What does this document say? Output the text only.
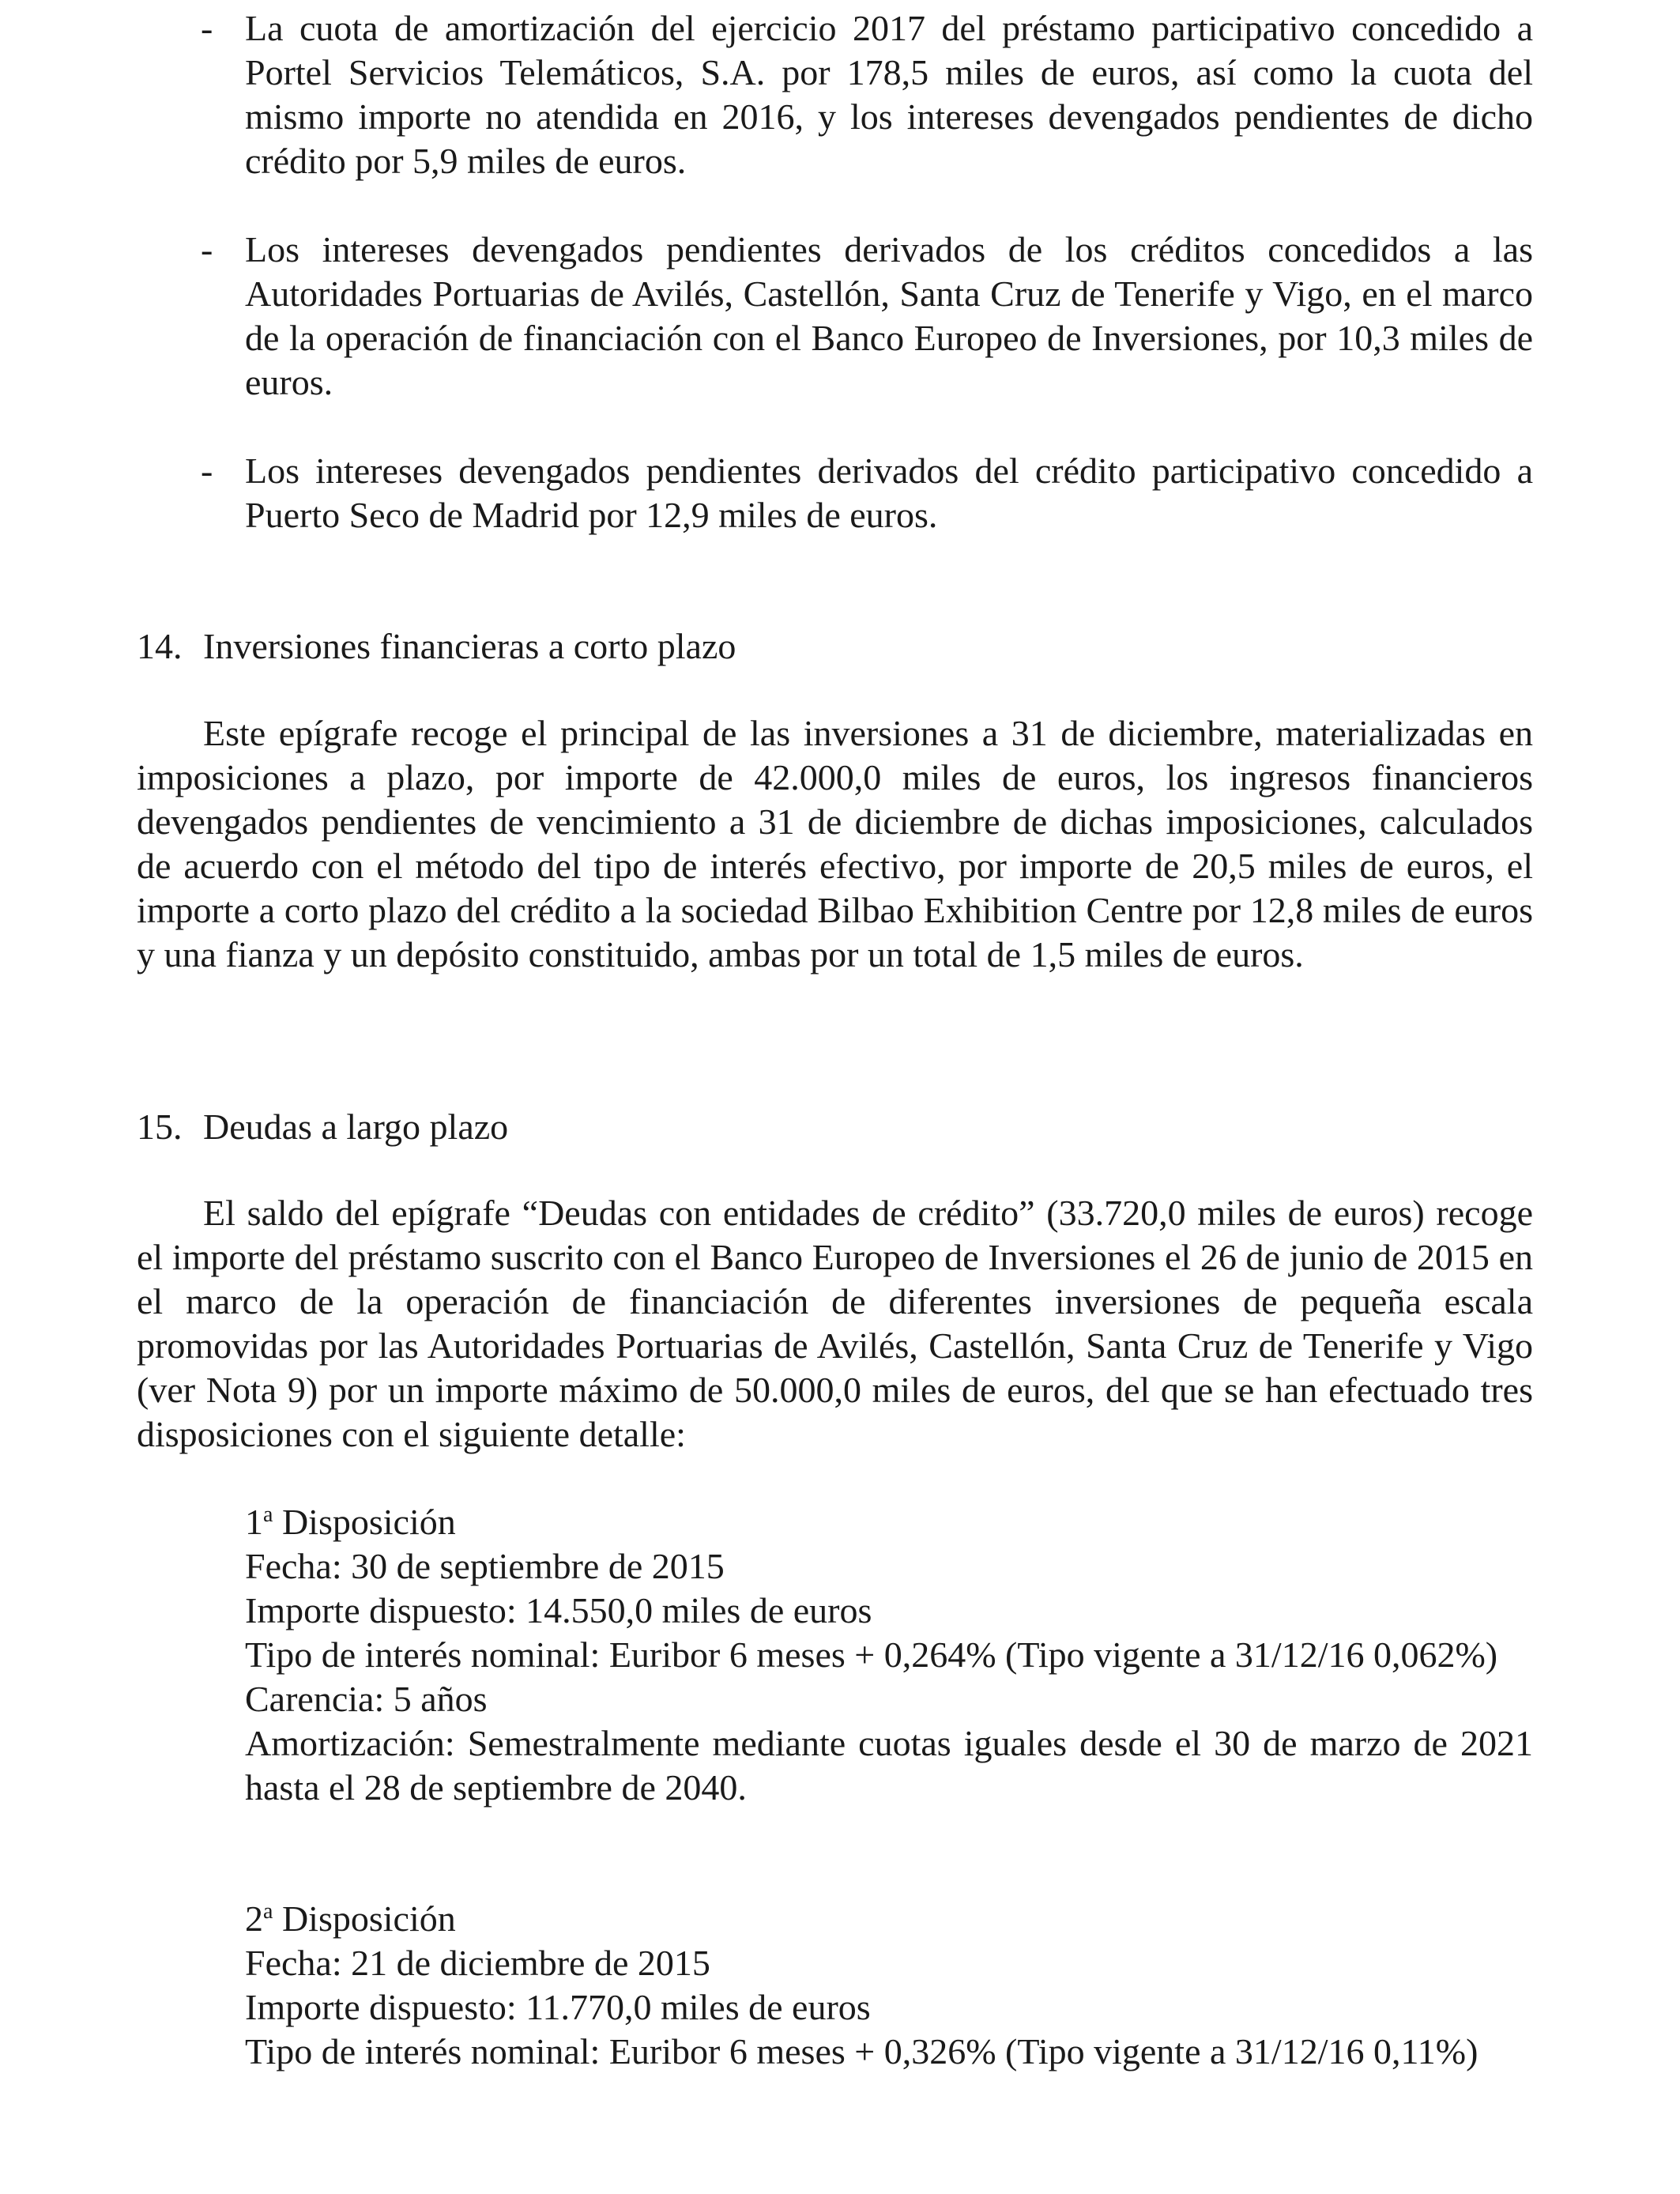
- La cuota de amortización del ejercicio 2017 del préstamo participativo concedido a Portel Servicios Telemáticos, S.A. por 178,5 miles de euros, así como la cuota del mismo importe no atendida en 2016, y los intereses devengados pendientes de dicho crédito por 5,9 miles de euros.
- Los intereses devengados pendientes derivados de los créditos concedidos a las Autoridades Portuarias de Avilés, Castellón, Santa Cruz de Tenerife y Vigo, en el marco de la operación de financiación con el Banco Europeo de Inversiones, por 10,3 miles de euros.
- Los intereses devengados pendientes derivados del crédito participativo concedido a Puerto Seco de Madrid por 12,9 miles de euros.
14. Inversiones financieras a corto plazo
Este epígrafe recoge el principal de las inversiones a 31 de diciembre, materializadas en imposiciones a plazo, por importe de 42.000,0 miles de euros, los ingresos financieros devengados pendientes de vencimiento a 31 de diciembre de dichas imposiciones, calculados de acuerdo con el método del tipo de interés efectivo, por importe de 20,5 miles de euros, el importe a corto plazo del crédito a la sociedad Bilbao Exhibition Centre por 12,8 miles de euros y una fianza y un depósito constituido, ambas por un total de 1,5 miles de euros.
15. Deudas a largo plazo
El saldo del epígrafe “Deudas con entidades de crédito” (33.720,0 miles de euros) recoge el importe del préstamo suscrito con el Banco Europeo de Inversiones el 26 de junio de 2015 en el marco de la operación de financiación de diferentes inversiones de pequeña escala promovidas por las Autoridades Portuarias de Avilés, Castellón, Santa Cruz de Tenerife y Vigo (ver Nota 9) por un importe máximo de 50.000,0 miles de euros, del que se han efectuado tres disposiciones con el siguiente detalle:
1$^a$ Disposición
Fecha: 30 de septiembre de 2015
Importe dispuesto: 14.550,0 miles de euros
Tipo de interés nominal: Euribor 6 meses + 0,264% (Tipo vigente a 31/12/16 0,062%)
Carencia: 5 años
Amortización: Semestralmente mediante cuotas iguales desde el 30 de marzo de 2021 hasta el 28 de septiembre de 2040.
2$^a$ Disposición
Fecha: 21 de diciembre de 2015
Importe dispuesto: 11.770,0 miles de euros
Tipo de interés nominal: Euribor 6 meses + 0,326% (Tipo vigente a 31/12/16 0,11%)
